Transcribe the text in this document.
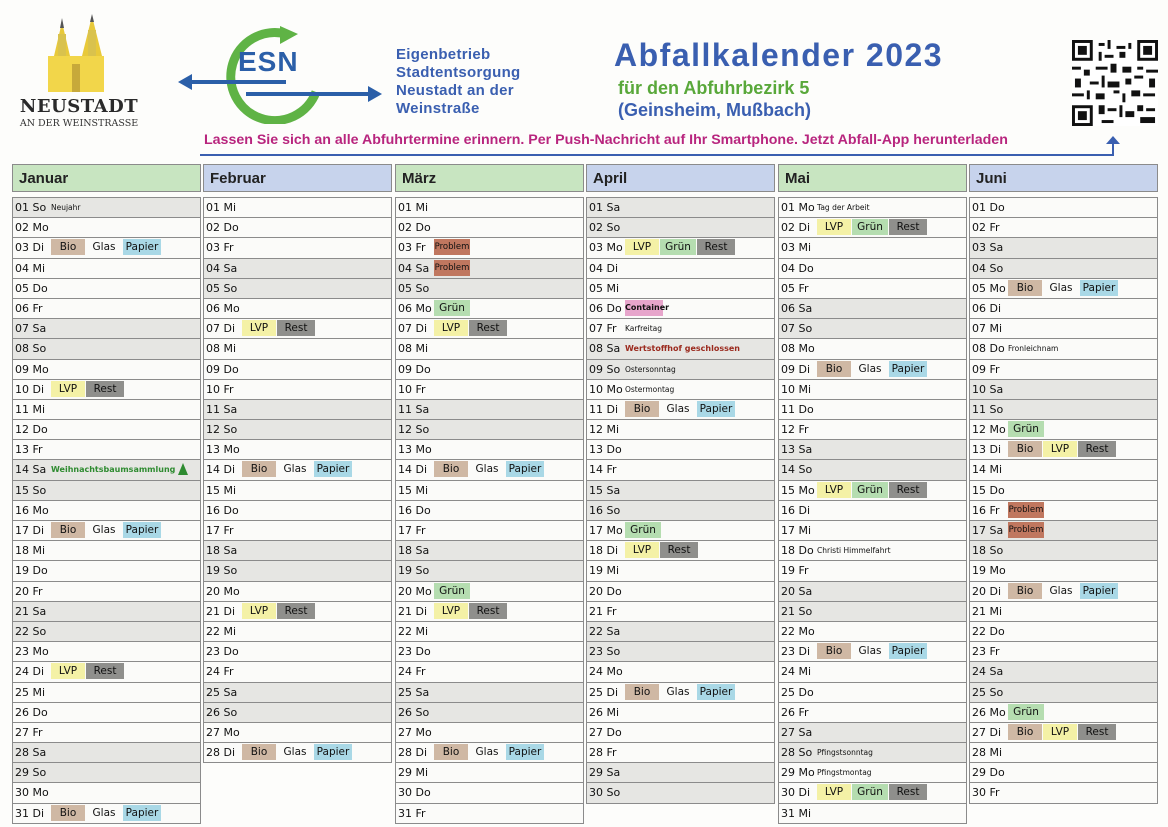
NEUSTADT
AN DER WEINSTRASSE
ESN	Eigenbetrieb
Stadtentsorgung
Neustadt an der
Weinstraße
Abfallkalender 2023
für den Abfuhrbezirk 5
(Geinsheim, Mußbach)
Lassen Sie sich an alle Abfuhrtermine erinnern. Per Push-Nachricht auf Ihr Smartphone. Jetzt Abfall-App herunterladen
Januar
01 So $^{Neujahr}$
02 Mo
03 Di Bio Glas Papier
04 Mi
05 Do
06 Fr
07 Sa
08 So
09 Mo
10 Di LVP Rest
11 Mi
12 Do
13 Fr
14 Sa $^{Weihnachtsbaumsammlung}$
15 So
16 Mo
17 Di Bio Glas Papier
18 Mi
19 Do
20 Fr
21 Sa
22 So
23 Mo
24 Di LVP Rest
25 Mi
26 Do
27 Fr
28 Sa
29 So
30 Mo
31 Di Bio Glas Papier
Februar
01 Mi
02 Do
03 Fr
04 Sa
05 So
06 Mo
07 Di LVP Rest
08 Mi
09 Do
10 Fr
11 Sa
12 So
13 Mo
14 Di Bio Glas Papier
15 Mi
16 Do
17 Fr
18 Sa
19 So
20 Mo
21 Di LVP Rest
22 Mi
23 Do
24 Fr
25 Sa
26 So
27 Mo
28 Di Bio Glas Papier
März
01 Mi
02 Do
03 Fr Problem
04 Sa Problem
05 So
06 Mo Grün
07 Di LVP Rest
08 Mi
09 Do
10 Fr
11 Sa
12 So
13 Mo
14 Di Bio Glas Papier
15 Mi
16 Do
17 Fr
18 Sa
19 So
20 Mo Grün
21 Di LVP Rest
22 Mi
23 Do
24 Fr
25 Sa
26 So
27 Mo
28 Di Bio Glas Papier
29 Mi
30 Do
31 Fr
April
01 Sa
02 So
03 Mo LVP Grün Rest
04 Di
05 Mi
06 Do Container
07 Fr $^{Karfreitag}$
08 Sa $^{Wertstoffhof geschlossen}$
09 So $^{Ostersonntag}$
10 Mo $^{Ostermontag}$
11 Di Bio Glas Papier
12 Mi
13 Do
14 Fr
15 Sa
16 So
17 Mo Grün
18 Di LVP Rest
19 Mi
20 Do
21 Fr
22 Sa
23 So
24 Mo
25 Di Bio Glas Papier
26 Mi
27 Do
28 Fr
29 Sa
30 So
Mai
01 Mo $^{Tag der Arbeit}$
02 Di LVP Grün Rest
03 Mi
04 Do
05 Fr
06 Sa
07 So
08 Mo
09 Di Bio Glas Papier
10 Mi
11 Do
12 Fr
13 Sa
14 So
15 Mo LVP Grün Rest
16 Di
17 Mi
18 Do $^{Christi Himmelfahrt}$
19 Fr
20 Sa
21 So
22 Mo
23 Di Bio Glas Papier
24 Mi
25 Do
26 Fr
27 Sa
28 So $^{Pfingstsonntag}$
29 Mo $^{Pfingstmontag}$
30 Di LVP Grün Rest
31 Mi
Juni
01 Do
02 Fr
03 Sa
04 So
05 Mo Bio Glas Papier
06 Di
07 Mi
08 Do $^{Fronleichnam}$
09 Fr
10 Sa
11 So
12 Mo Grün
13 Di Bio LVP Rest
14 Mi
15 Do
16 Fr Problem
17 Sa Problem
18 So
19 Mo
20 Di Bio Glas Papier
21 Mi
22 Do
23 Fr
24 Sa
25 So
26 Mo Grün
27 Di Bio LVP Rest
28 Mi
29 Do
30 Fr
